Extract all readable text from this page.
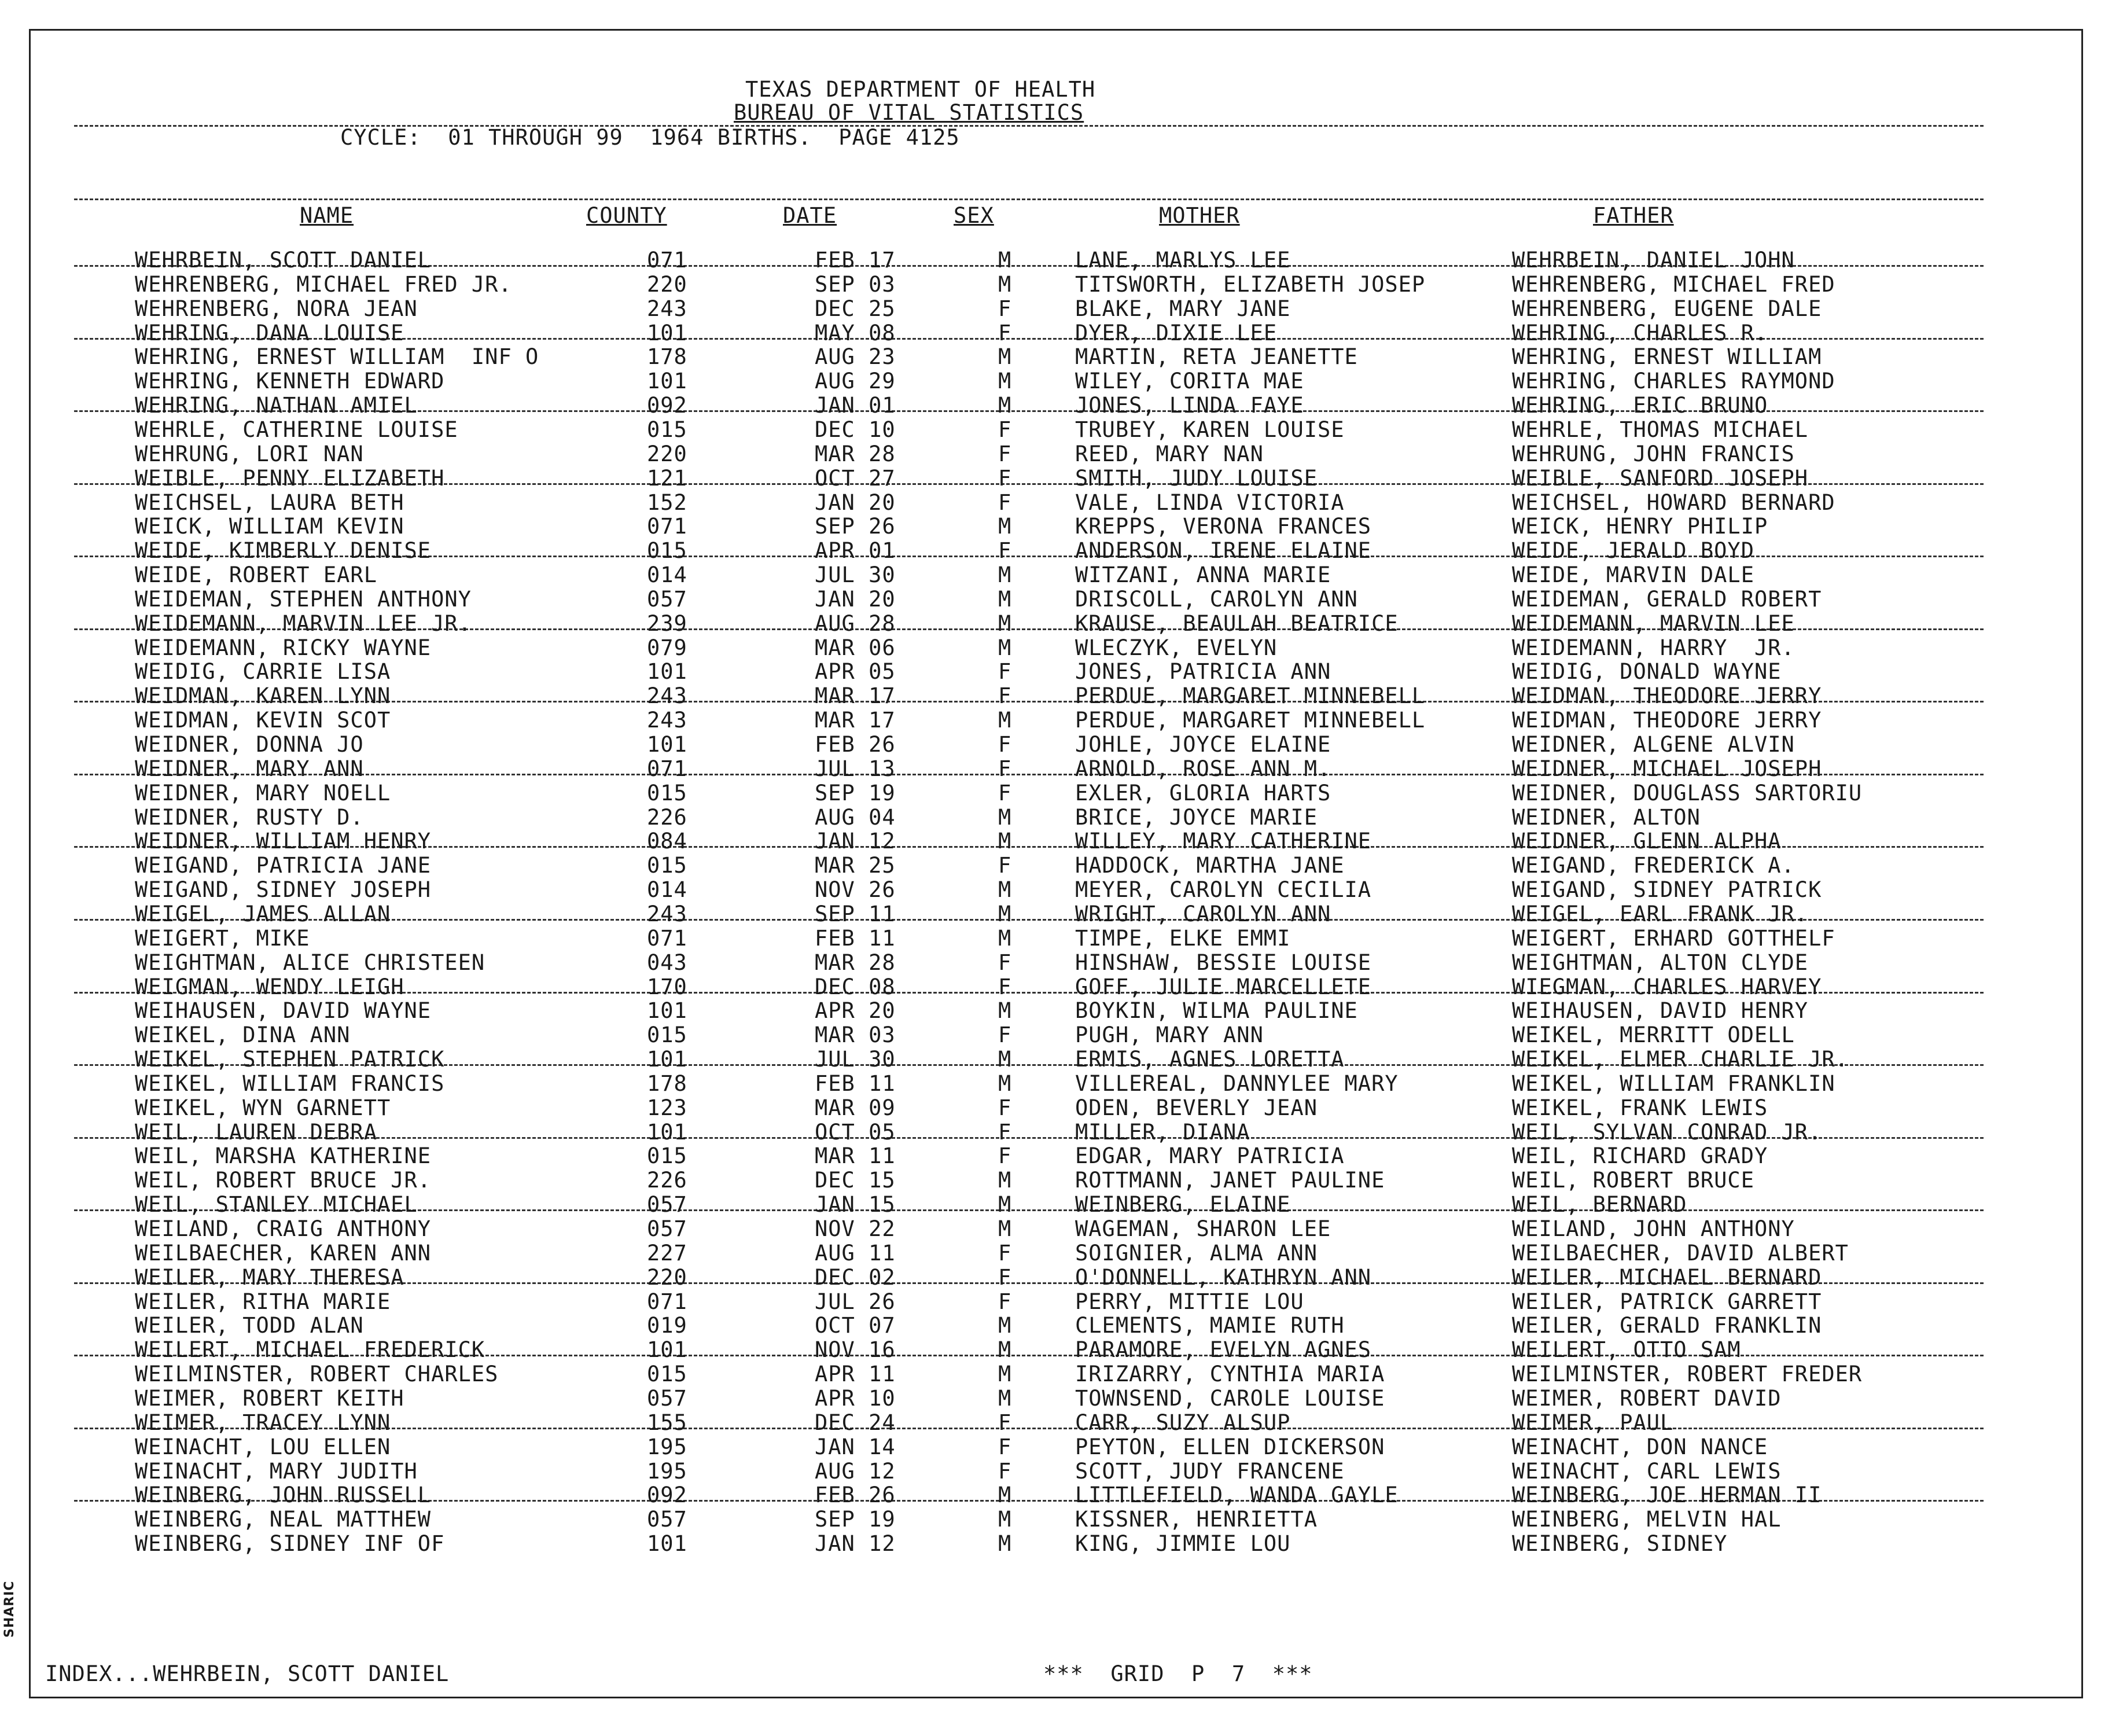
SHARIC
TEXAS DEPARTMENT OF HEALTH
BUREAU OF VITAL STATISTICS
CYCLE:  01 THROUGH 99  1964 BIRTHS.  PAGE 4125
NAME	COUNTY	DATE	SEX	MOTHER	FATHER
WEHRBEIN, SCOTT DANIEL	071	FEB 17	M	LANE, MARLYS LEE	WEHRBEIN, DANIEL JOHN
WEHRENBERG, MICHAEL FRED JR.	220	SEP 03	M	TITSWORTH, ELIZABETH JOSEP	WEHRENBERG, MICHAEL FRED
WEHRENBERG, NORA JEAN	243	DEC 25	F	BLAKE, MARY JANE	WEHRENBERG, EUGENE DALE
WEHRING, DANA LOUISE	101	MAY 08	F	DYER, DIXIE LEE	WEHRING, CHARLES R.
WEHRING, ERNEST WILLIAM  INF O	178	AUG 23	M	MARTIN, RETA JEANETTE	WEHRING, ERNEST WILLIAM
WEHRING, KENNETH EDWARD	101	AUG 29	M	WILEY, CORITA MAE	WEHRING, CHARLES RAYMOND
WEHRING, NATHAN AMIEL	092	JAN 01	M	JONES, LINDA FAYE	WEHRING, ERIC BRUNO
WEHRLE, CATHERINE LOUISE	015	DEC 10	F	TRUBEY, KAREN LOUISE	WEHRLE, THOMAS MICHAEL
WEHRUNG, LORI NAN	220	MAR 28	F	REED, MARY NAN	WEHRUNG, JOHN FRANCIS
WEIBLE, PENNY ELIZABETH	121	OCT 27	F	SMITH, JUDY LOUISE	WEIBLE, SANFORD JOSEPH
WEICHSEL, LAURA BETH	152	JAN 20	F	VALE, LINDA VICTORIA	WEICHSEL, HOWARD BERNARD
WEICK, WILLIAM KEVIN	071	SEP 26	M	KREPPS, VERONA FRANCES	WEICK, HENRY PHILIP
WEIDE, KIMBERLY DENISE	015	APR 01	F	ANDERSON, IRENE ELAINE	WEIDE, JERALD BOYD
WEIDE, ROBERT EARL	014	JUL 30	M	WITZANI, ANNA MARIE	WEIDE, MARVIN DALE
WEIDEMAN, STEPHEN ANTHONY	057	JAN 20	M	DRISCOLL, CAROLYN ANN	WEIDEMAN, GERALD ROBERT
WEIDEMANN, MARVIN LEE JR.	239	AUG 28	M	KRAUSE, BEAULAH BEATRICE	WEIDEMANN, MARVIN LEE
WEIDEMANN, RICKY WAYNE	079	MAR 06	M	WLECZYK, EVELYN	WEIDEMANN, HARRY  JR.
WEIDIG, CARRIE LISA	101	APR 05	F	JONES, PATRICIA ANN	WEIDIG, DONALD WAYNE
WEIDMAN, KAREN LYNN	243	MAR 17	F	PERDUE, MARGARET MINNEBELL	WEIDMAN, THEODORE JERRY
WEIDMAN, KEVIN SCOT	243	MAR 17	M	PERDUE, MARGARET MINNEBELL	WEIDMAN, THEODORE JERRY
WEIDNER, DONNA JO	101	FEB 26	F	JOHLE, JOYCE ELAINE	WEIDNER, ALGENE ALVIN
WEIDNER, MARY ANN	071	JUL 13	F	ARNOLD, ROSE ANN M.	WEIDNER, MICHAEL JOSEPH
WEIDNER, MARY NOELL	015	SEP 19	F	EXLER, GLORIA HARTS	WEIDNER, DOUGLASS SARTORIU
WEIDNER, RUSTY D.	226	AUG 04	M	BRICE, JOYCE MARIE	WEIDNER, ALTON
WEIDNER, WILLIAM HENRY	084	JAN 12	M	WILLEY, MARY CATHERINE	WEIDNER, GLENN ALPHA
WEIGAND, PATRICIA JANE	015	MAR 25	F	HADDOCK, MARTHA JANE	WEIGAND, FREDERICK A.
WEIGAND, SIDNEY JOSEPH	014	NOV 26	M	MEYER, CAROLYN CECILIA	WEIGAND, SIDNEY PATRICK
WEIGEL, JAMES ALLAN	243	SEP 11	M	WRIGHT, CAROLYN ANN	WEIGEL, EARL FRANK JR.
WEIGERT, MIKE	071	FEB 11	M	TIMPE, ELKE EMMI	WEIGERT, ERHARD GOTTHELF
WEIGHTMAN, ALICE CHRISTEEN	043	MAR 28	F	HINSHAW, BESSIE LOUISE	WEIGHTMAN, ALTON CLYDE
WEIGMAN, WENDY LEIGH	170	DEC 08	F	GOFF, JULIE MARCELLETE	WIEGMAN, CHARLES HARVEY
WEIHAUSEN, DAVID WAYNE	101	APR 20	M	BOYKIN, WILMA PAULINE	WEIHAUSEN, DAVID HENRY
WEIKEL, DINA ANN	015	MAR 03	F	PUGH, MARY ANN	WEIKEL, MERRITT ODELL
WEIKEL, STEPHEN PATRICK	101	JUL 30	M	ERMIS, AGNES LORETTA	WEIKEL, ELMER CHARLIE JR.
WEIKEL, WILLIAM FRANCIS	178	FEB 11	M	VILLEREAL, DANNYLEE MARY	WEIKEL, WILLIAM FRANKLIN
WEIKEL, WYN GARNETT	123	MAR 09	F	ODEN, BEVERLY JEAN	WEIKEL, FRANK LEWIS
WEIL, LAUREN DEBRA	101	OCT 05	F	MILLER, DIANA	WEIL, SYLVAN CONRAD JR.
WEIL, MARSHA KATHERINE	015	MAR 11	F	EDGAR, MARY PATRICIA	WEIL, RICHARD GRADY
WEIL, ROBERT BRUCE JR.	226	DEC 15	M	ROTTMANN, JANET PAULINE	WEIL, ROBERT BRUCE
WEIL, STANLEY MICHAEL	057	JAN 15	M	WEINBERG, ELAINE	WEIL, BERNARD
WEILAND, CRAIG ANTHONY	057	NOV 22	M	WAGEMAN, SHARON LEE	WEILAND, JOHN ANTHONY
WEILBAECHER, KAREN ANN	227	AUG 11	F	SOIGNIER, ALMA ANN	WEILBAECHER, DAVID ALBERT
WEILER, MARY THERESA	220	DEC 02	F	O'DONNELL, KATHRYN ANN	WEILER, MICHAEL BERNARD
WEILER, RITHA MARIE	071	JUL 26	F	PERRY, MITTIE LOU	WEILER, PATRICK GARRETT
WEILER, TODD ALAN	019	OCT 07	M	CLEMENTS, MAMIE RUTH	WEILER, GERALD FRANKLIN
WEILERT, MICHAEL FREDERICK	101	NOV 16	M	PARAMORE, EVELYN AGNES	WEILERT, OTTO SAM
WEILMINSTER, ROBERT CHARLES	015	APR 11	M	IRIZARRY, CYNTHIA MARIA	WEILMINSTER, ROBERT FREDER
WEIMER, ROBERT KEITH	057	APR 10	M	TOWNSEND, CAROLE LOUISE	WEIMER, ROBERT DAVID
WEIMER, TRACEY LYNN	155	DEC 24	F	CARR, SUZY ALSUP	WEIMER, PAUL
WEINACHT, LOU ELLEN	195	JAN 14	F	PEYTON, ELLEN DICKERSON	WEINACHT, DON NANCE
WEINACHT, MARY JUDITH	195	AUG 12	F	SCOTT, JUDY FRANCENE	WEINACHT, CARL LEWIS
WEINBERG, JOHN RUSSELL	092	FEB 26	M	LITTLEFIELD, WANDA GAYLE	WEINBERG, JOE HERMAN II
WEINBERG, NEAL MATTHEW	057	SEP 19	M	KISSNER, HENRIETTA	WEINBERG, MELVIN HAL
WEINBERG, SIDNEY INF OF	101	JAN 12	M	KING, JIMMIE LOU	WEINBERG, SIDNEY
INDEX...WEHRBEIN, SCOTT DANIEL	***  GRID  P  7  ***
